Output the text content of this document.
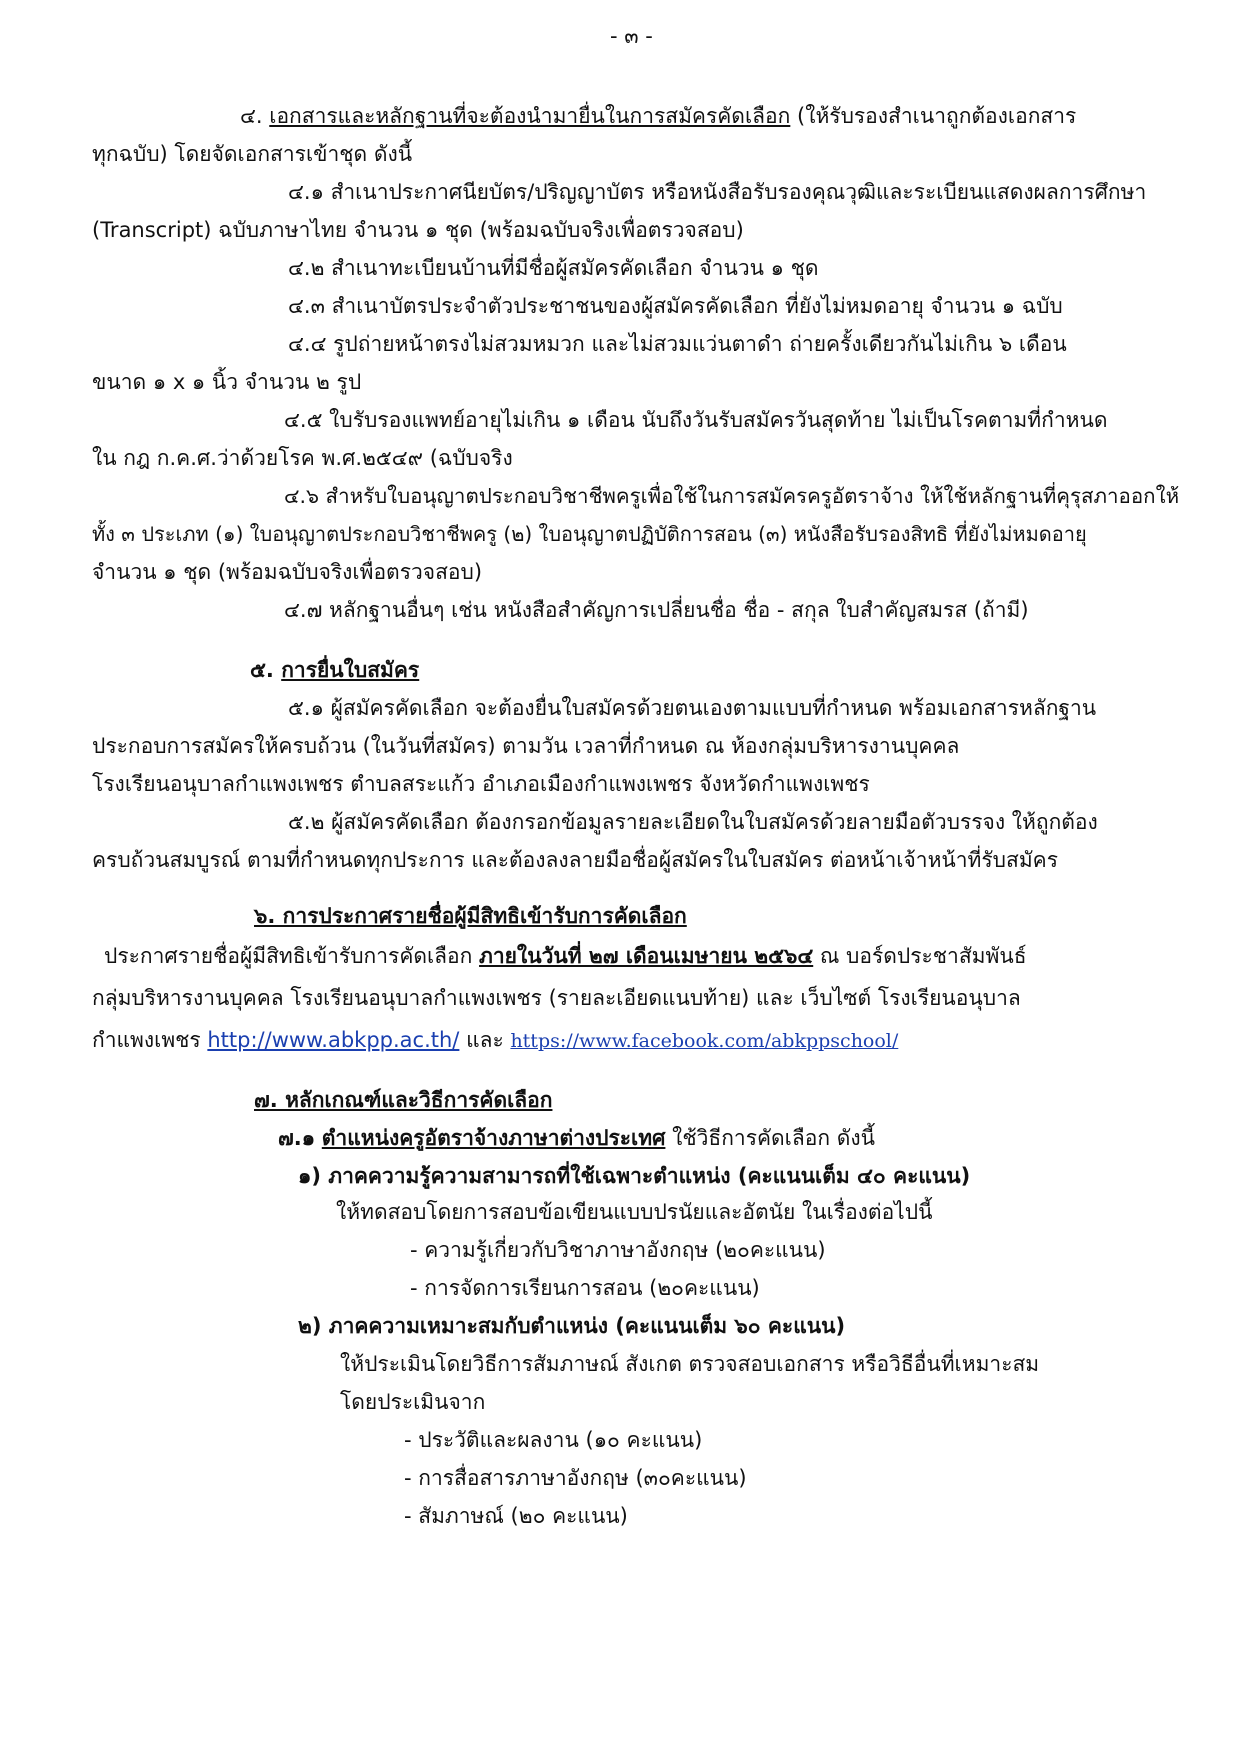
- ๓ -
๔. เอกสารและหลักฐานที่จะต้องนำมายื่นในการสมัครคัดเลือก (ให้รับรองสำเนาถูกต้องเอกสาร
ทุกฉบับ) โดยจัดเอกสารเข้าชุด ดังนี้
๔.๑ สำเนาประกาศนียบัตร/ปริญญาบัตร หรือหนังสือรับรองคุณวุฒิและระเบียนแสดงผลการศึกษา
(Transcript) ฉบับภาษาไทย จำนวน ๑ ชุด (พร้อมฉบับจริงเพื่อตรวจสอบ)
๔.๒ สำเนาทะเบียนบ้านที่มีชื่อผู้สมัครคัดเลือก จำนวน ๑ ชุด
๔.๓ สำเนาบัตรประจำตัวประชาชนของผู้สมัครคัดเลือก ที่ยังไม่หมดอายุ จำนวน ๑ ฉบับ
๔.๔ รูปถ่ายหน้าตรงไม่สวมหมวก และไม่สวมแว่นตาดำ ถ่ายครั้งเดียวกันไม่เกิน ๖ เดือน
ขนาด ๑ x ๑ นิ้ว จำนวน ๒ รูป
๔.๕ ใบรับรองแพทย์อายุไม่เกิน ๑ เดือน นับถึงวันรับสมัครวันสุดท้าย ไม่เป็นโรคตามที่กำหนด
ใน กฎ ก.ค.ศ.ว่าด้วยโรค พ.ศ.๒๕๔๙ (ฉบับจริง
๔.๖ สำหรับใบอนุญาตประกอบวิชาชีพครูเพื่อใช้ในการสมัครครูอัตราจ้าง ให้ใช้หลักฐานที่คุรุสภาออกให้
ทั้ง ๓ ประเภท (๑) ใบอนุญาตประกอบวิชาชีพครู (๒) ใบอนุญาตปฏิบัติการสอน (๓) หนังสือรับรองสิทธิ ที่ยังไม่หมดอายุ
จำนวน ๑ ชุด (พร้อมฉบับจริงเพื่อตรวจสอบ)
๔.๗ หลักฐานอื่นๆ เช่น หนังสือสำคัญการเปลี่ยนชื่อ ชื่อ - สกุล ใบสำคัญสมรส (ถ้ามี)
๕. การยื่นใบสมัคร
๕.๑ ผู้สมัครคัดเลือก จะต้องยื่นใบสมัครด้วยตนเองตามแบบที่กำหนด พร้อมเอกสารหลักฐาน
ประกอบการสมัครให้ครบถ้วน (ในวันที่สมัคร) ตามวัน เวลาที่กำหนด ณ ห้องกลุ่มบริหารงานบุคคล
โรงเรียนอนุบาลกำแพงเพชร ตำบลสระแก้ว อำเภอเมืองกำแพงเพชร จังหวัดกำแพงเพชร
๕.๒ ผู้สมัครคัดเลือก ต้องกรอกข้อมูลรายละเอียดในใบสมัครด้วยลายมือตัวบรรจง ให้ถูกต้อง
ครบถ้วนสมบูรณ์ ตามที่กำหนดทุกประการ และต้องลงลายมือชื่อผู้สมัครในใบสมัคร ต่อหน้าเจ้าหน้าที่รับสมัคร
๖. การประกาศรายชื่อผู้มีสิทธิเข้ารับการคัดเลือก
ประกาศรายชื่อผู้มีสิทธิเข้ารับการคัดเลือก ภายในวันที่ ๒๗ เดือนเมษายน ๒๕๖๔ ณ บอร์ดประชาสัมพันธ์
กลุ่มบริหารงานบุคคล โรงเรียนอนุบาลกำแพงเพชร (รายละเอียดแนบท้าย) และ เว็บไซต์ โรงเรียนอนุบาล
กำแพงเพชร http://www.abkpp.ac.th/ และ https://www.facebook.com/abkppschool/
๗. หลักเกณฑ์และวิธีการคัดเลือก
๗.๑ ตำแหน่งครูอัตราจ้างภาษาต่างประเทศ ใช้วิธีการคัดเลือก ดังนี้
๑) ภาคความรู้ความสามารถที่ใช้เฉพาะตำแหน่ง (คะแนนเต็ม ๔๐ คะแนน)
ให้ทดสอบโดยการสอบข้อเขียนแบบปรนัยและอัตนัย ในเรื่องต่อไปนี้
- ความรู้เกี่ยวกับวิชาภาษาอังกฤษ (๒๐คะแนน)
- การจัดการเรียนการสอน (๒๐คะแนน)
๒) ภาคความเหมาะสมกับตำแหน่ง (คะแนนเต็ม ๖๐ คะแนน)
ให้ประเมินโดยวิธีการสัมภาษณ์ สังเกต ตรวจสอบเอกสาร หรือวิธีอื่นที่เหมาะสม
โดยประเมินจาก
- ประวัติและผลงาน (๑๐ คะแนน)
- การสื่อสารภาษาอังกฤษ (๓๐คะแนน)
- สัมภาษณ์ (๒๐ คะแนน)
